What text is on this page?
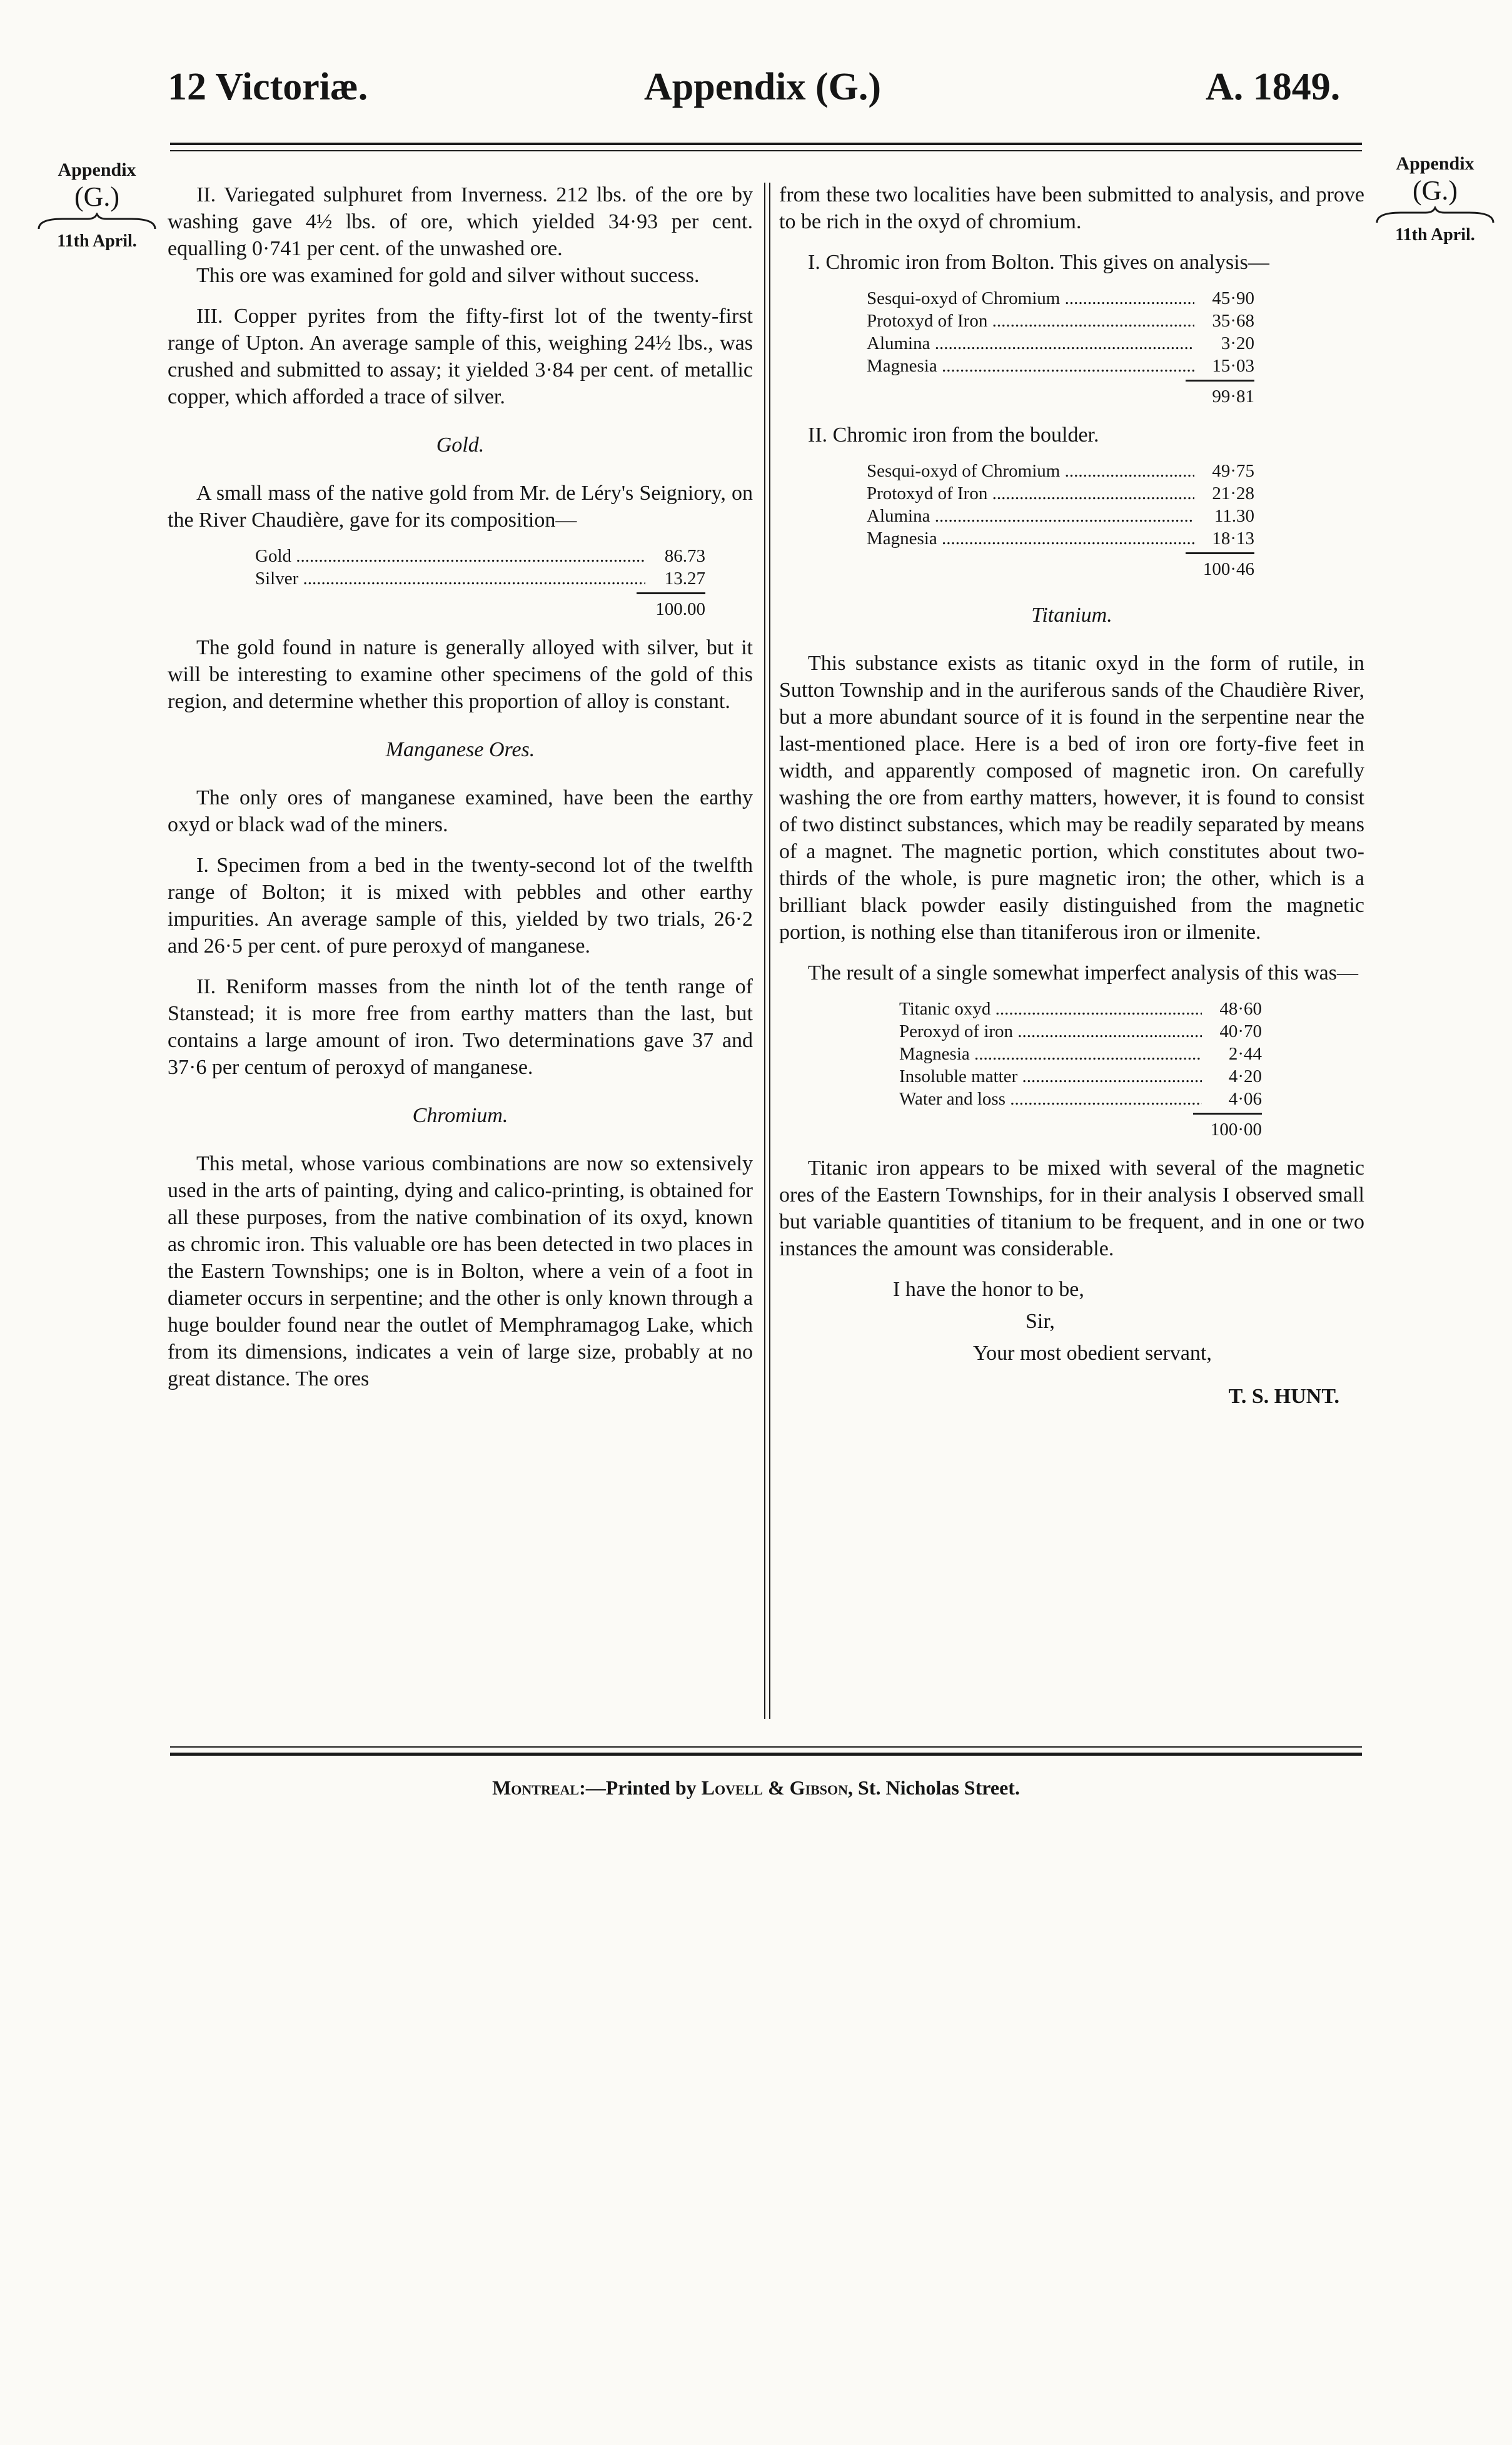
12 Victoriæ.	Appendix (G.)	A. 1849.
Appendix
(G.)
11th April.
Appendix
(G.)
11th April.

II. Variegated sulphuret from Inverness. 212 lbs. of the ore by washing gave 4½ lbs. of ore, which yielded 34·93 per cent. equalling 0·741 per cent. of the unwashed ore.

This ore was examined for gold and silver without success.

III. Copper pyrites from the fifty-first lot of the twenty-first range of Upton. An average sample of this, weighing 24½ lbs., was crushed and submitted to assay; it yielded 3·84 per cent. of metallic copper, which afforded a trace of silver.

Gold.

A small mass of the native gold from Mr. de Léry's Seigniory, on the River Chaudière, gave for its composition—

Gold .....	86.73
Silver .....	13.27
100.00

The gold found in nature is generally alloyed with silver, but it will be interesting to examine other specimens of the gold of this region, and determine whether this proportion of alloy is constant.

Manganese Ores.

The only ores of manganese examined, have been the earthy oxyd or black wad of the miners.

I. Specimen from a bed in the twenty-second lot of the twelfth range of Bolton; it is mixed with pebbles and other earthy impurities. An average sample of this, yielded by two trials, 26·2 and 26·5 per cent. of pure peroxyd of manganese.

II. Reniform masses from the ninth lot of the tenth range of Stanstead; it is more free from earthy matters than the last, but contains a large amount of iron. Two determinations gave 37 and 37·6 per centum of peroxyd of manganese.

Chromium.

This metal, whose various combinations are now so extensively used in the arts of painting, dying and calico-printing, is obtained for all these purposes, from the native combination of its oxyd, known as chromic iron. This valuable ore has been detected in two places in the Eastern Townships; one is in Bolton, where a vein of a foot in diameter occurs in serpentine; and the other is only known through a huge boulder found near the outlet of Memphramagog Lake, which from its dimensions, indicates a vein of large size, probably at no great distance. The ores

from these two localities have been submitted to analysis, and prove to be rich in the oxyd of chromium.

I. Chromic iron from Bolton. This gives on analysis—

Sesqui-oxyd of Chromium .....	45·90
Protoxyd of Iron .....	35·68
Alumina .....	3·20
Magnesia .....	15·03
99·81

II. Chromic iron from the boulder.

Sesqui-oxyd of Chromium .....	49·75
Protoxyd of Iron .....	21·28
Alumina .....	11.30
Magnesia .....	18·13
100·46

Titanium.

This substance exists as titanic oxyd in the form of rutile, in Sutton Township and in the auriferous sands of the Chaudière River, but a more abundant source of it is found in the serpentine near the last-mentioned place. Here is a bed of iron ore forty-five feet in width, and apparently composed of magnetic iron. On carefully washing the ore from earthy matters, however, it is found to consist of two distinct substances, which may be readily separated by means of a magnet. The magnetic portion, which constitutes about two-thirds of the whole, is pure magnetic iron; the other, which is a brilliant black powder easily distinguished from the magnetic portion, is nothing else than titaniferous iron or ilmenite.

The result of a single somewhat imperfect analysis of this was—

Titanic oxyd .....	48·60
Peroxyd of iron .....	40·70
Magnesia .....	2·44
Insoluble matter .....	4·20
Water and loss .....	4·06
100·00

Titanic iron appears to be mixed with several of the magnetic ores of the Eastern Townships, for in their analysis I observed small but variable quantities of titanium to be frequent, and in one or two instances the amount was considerable.

I have the honor to be,

Sir,

Your most obedient servant,

T. S. HUNT.

Montreal:—Printed by Lovell & Gibson, St. Nicholas Street.
